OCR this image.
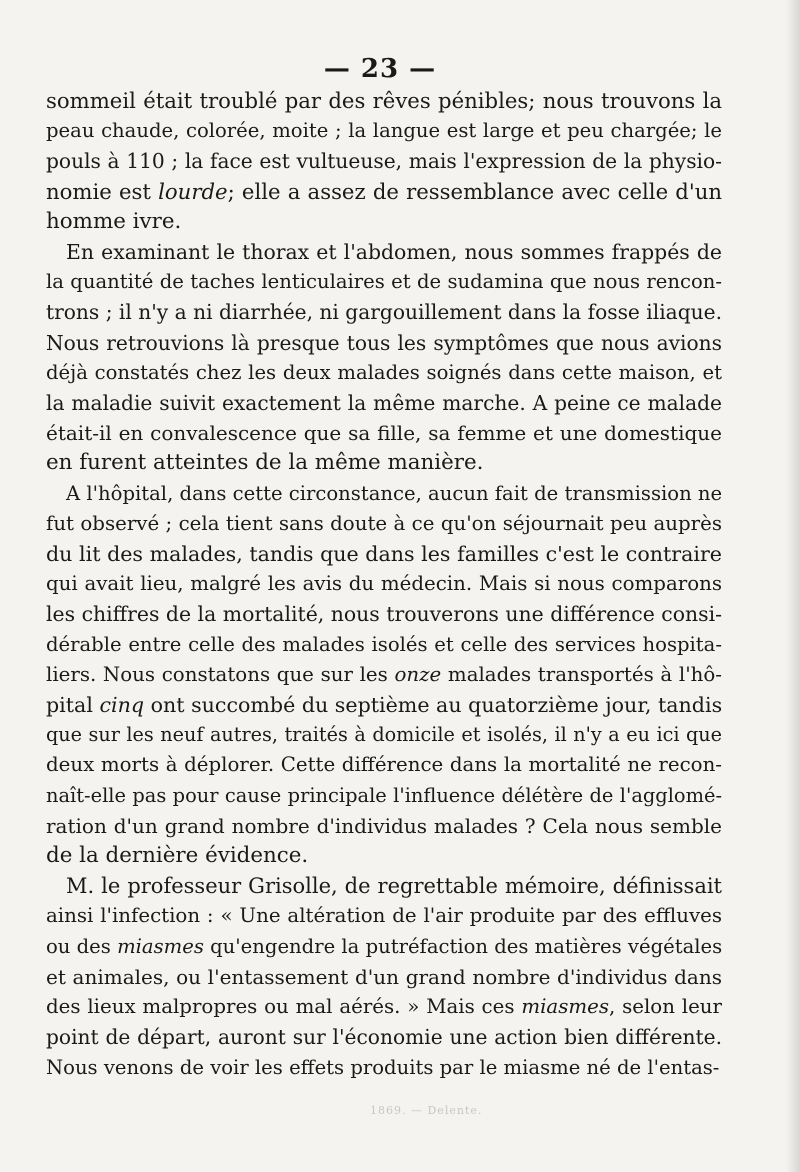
— 23 —

sommeil était troublé par des rêves pénibles; nous trouvons la
peau chaude, colorée, moite ; la langue est large et peu chargée; le
pouls à 110 ; la face est vultueuse, mais l'expression de la physio-
nomie est lourde; elle a assez de ressemblance avec celle d'un
homme ivre.

En examinant le thorax et l'abdomen, nous sommes frappés de
la quantité de taches lenticulaires et de sudamina que nous rencon-
trons ; il n'y a ni diarrhée, ni gargouillement dans la fosse iliaque.
Nous retrouvions là presque tous les symptômes que nous avions
déjà constatés chez les deux malades soignés dans cette maison, et
la maladie suivit exactement la même marche. A peine ce malade
était-il en convalescence que sa fille, sa femme et une domestique
en furent atteintes de la même manière.

A l'hôpital, dans cette circonstance, aucun fait de transmission ne
fut observé ; cela tient sans doute à ce qu'on séjournait peu auprès
du lit des malades, tandis que dans les familles c'est le contraire
qui avait lieu, malgré les avis du médecin. Mais si nous comparons
les chiffres de la mortalité, nous trouverons une différence consi-
dérable entre celle des malades isolés et celle des services hospita-
liers. Nous constatons que sur les onze malades transportés à l'hô-
pital cinq ont succombé du septième au quatorzième jour, tandis
que sur les neuf autres, traités à domicile et isolés, il n'y a eu ici que
deux morts à déplorer. Cette différence dans la mortalité ne recon-
naît-elle pas pour cause principale l'influence délétère de l'agglomé-
ration d'un grand nombre d'individus malades ? Cela nous semble
de la dernière évidence.

M. le professeur Grisolle, de regrettable mémoire, définissait
ainsi l'infection : « Une altération de l'air produite par des effluves
ou des miasmes qu'engendre la putréfaction des matières végétales
et animales, ou l'entassement d'un grand nombre d'individus dans
des lieux malpropres ou mal aérés. » Mais ces miasmes, selon leur
point de départ, auront sur l'économie une action bien différente.
Nous venons de voir les effets produits par le miasme né de l'entas-

1869. — Delente.
